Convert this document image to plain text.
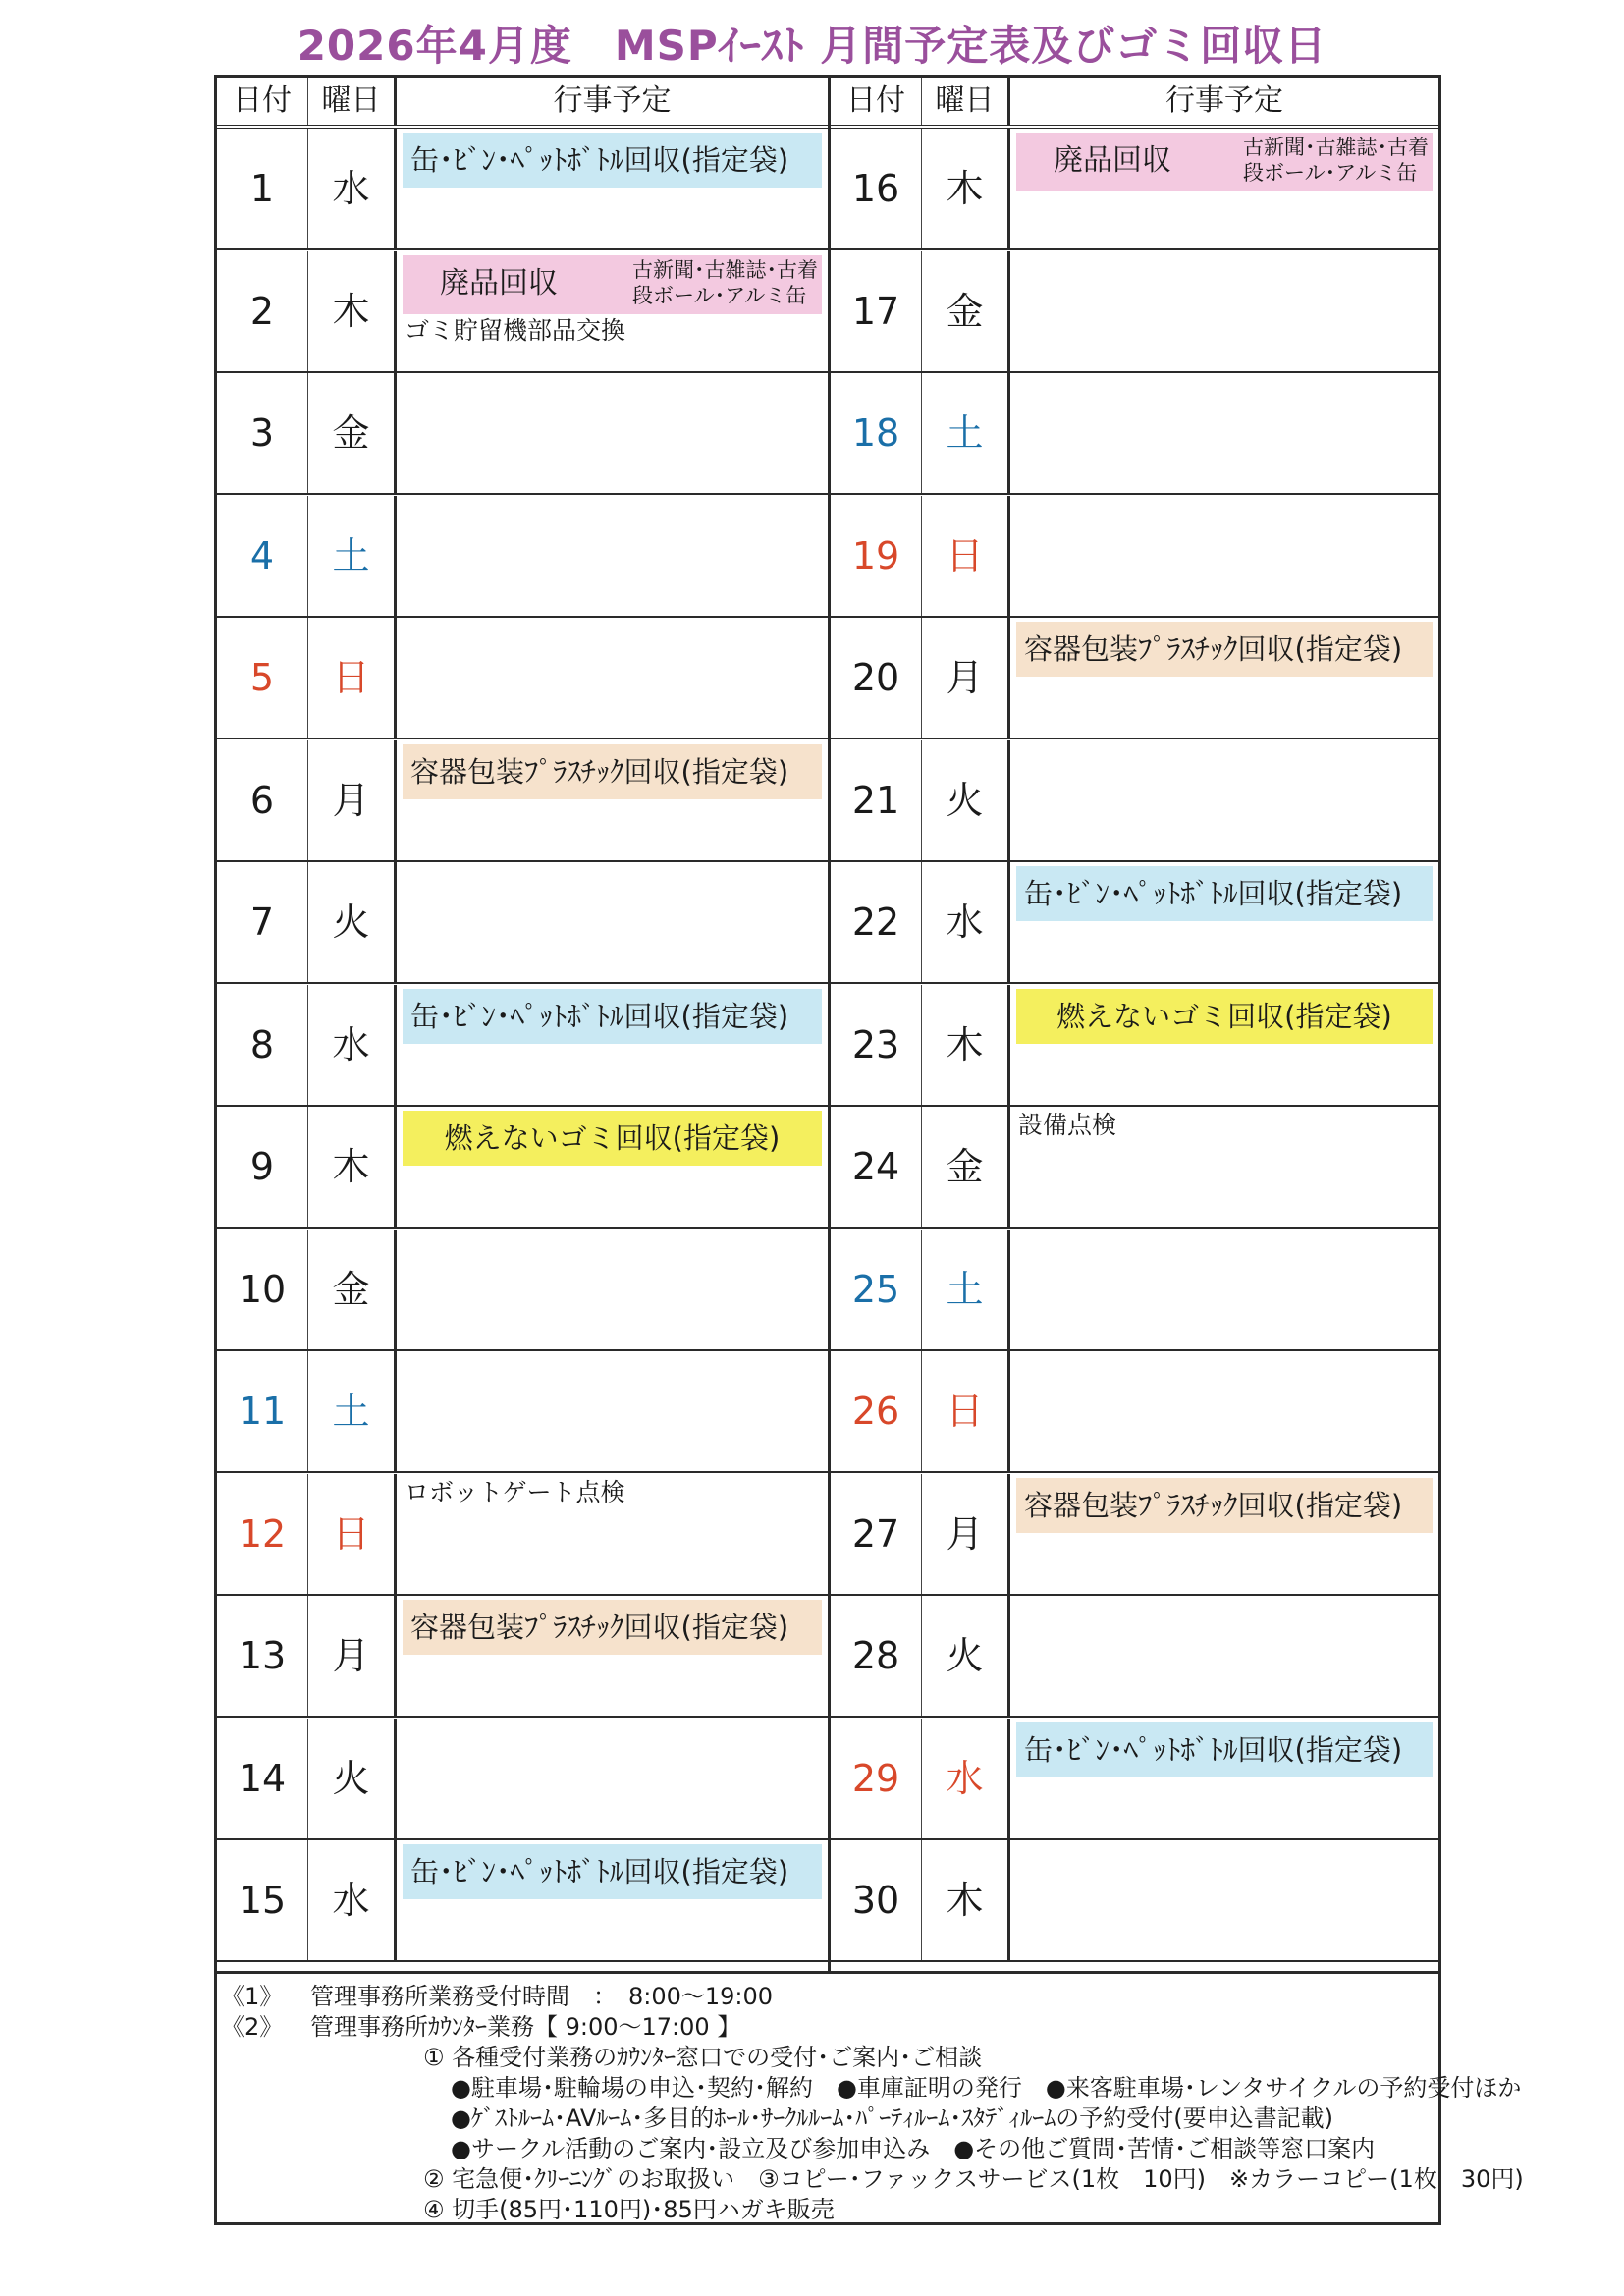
2026年4月度　MSPｲｰｽﾄ 月間予定表及びゴミ回収日
日付	曜日	行事予定
1	水
缶･ﾋﾞﾝ･ﾍﾟｯﾄﾎﾞﾄﾙ回収(指定袋)
2	木
廃品回収	古新聞･古雑誌･古着
段ボール･アルミ缶
ゴミ貯留機部品交換
3	金
4	土
5	日
6	月
容器包装ﾌﾟﾗｽﾁｯｸ回収(指定袋)
7	火
8	水
缶･ﾋﾞﾝ･ﾍﾟｯﾄﾎﾞﾄﾙ回収(指定袋)
9	木
燃えないゴミ回収(指定袋)
10	金
11	土
12	日
ロボットゲート点検
13	月
容器包装ﾌﾟﾗｽﾁｯｸ回収(指定袋)
14	火
15	水
缶･ﾋﾞﾝ･ﾍﾟｯﾄﾎﾞﾄﾙ回収(指定袋)
日付	曜日	行事予定
16	木
廃品回収	古新聞･古雑誌･古着
段ボール･アルミ缶
17	金
18	土
19	日
20	月
容器包装ﾌﾟﾗｽﾁｯｸ回収(指定袋)
21	火
22	水
缶･ﾋﾞﾝ･ﾍﾟｯﾄﾎﾞﾄﾙ回収(指定袋)
23	木
燃えないゴミ回収(指定袋)
24	金
設備点検
25	土
26	日
27	月
容器包装ﾌﾟﾗｽﾁｯｸ回収(指定袋)
28	火
29	水
缶･ﾋﾞﾝ･ﾍﾟｯﾄﾎﾞﾄﾙ回収(指定袋)
30	木
《1》 管理事務所業務受付時間　：　8:00～19:00
《2》 管理事務所ｶｳﾝﾀｰ業務【 9:00～17:00 】
① 各種受付業務のｶｳﾝﾀｰ窓口での受付･ご案内･ご相談
●駐車場･駐輪場の申込･契約･解約　●車庫証明の発行　●来客駐車場･レンタサイクルの予約受付ほか
●ｹﾞｽﾄﾙｰﾑ･AVﾙｰﾑ･多目的ﾎｰﾙ･ｻｰｸﾙﾙｰﾑ･ﾊﾟｰﾃｨﾙｰﾑ･ｽﾀﾃﾞｨﾙｰﾑの予約受付(要申込書記載)
●サークル活動のご案内･設立及び参加申込み　●その他ご質問･苦情･ご相談等窓口案内
② 宅急便･ｸﾘｰﾆﾝｸﾞのお取扱い　③コピー･ファックスサービス(1枚　10円)　※カラーコピー(1枚　30円)
④ 切手(85円･110円)･85円ハガキ販売
